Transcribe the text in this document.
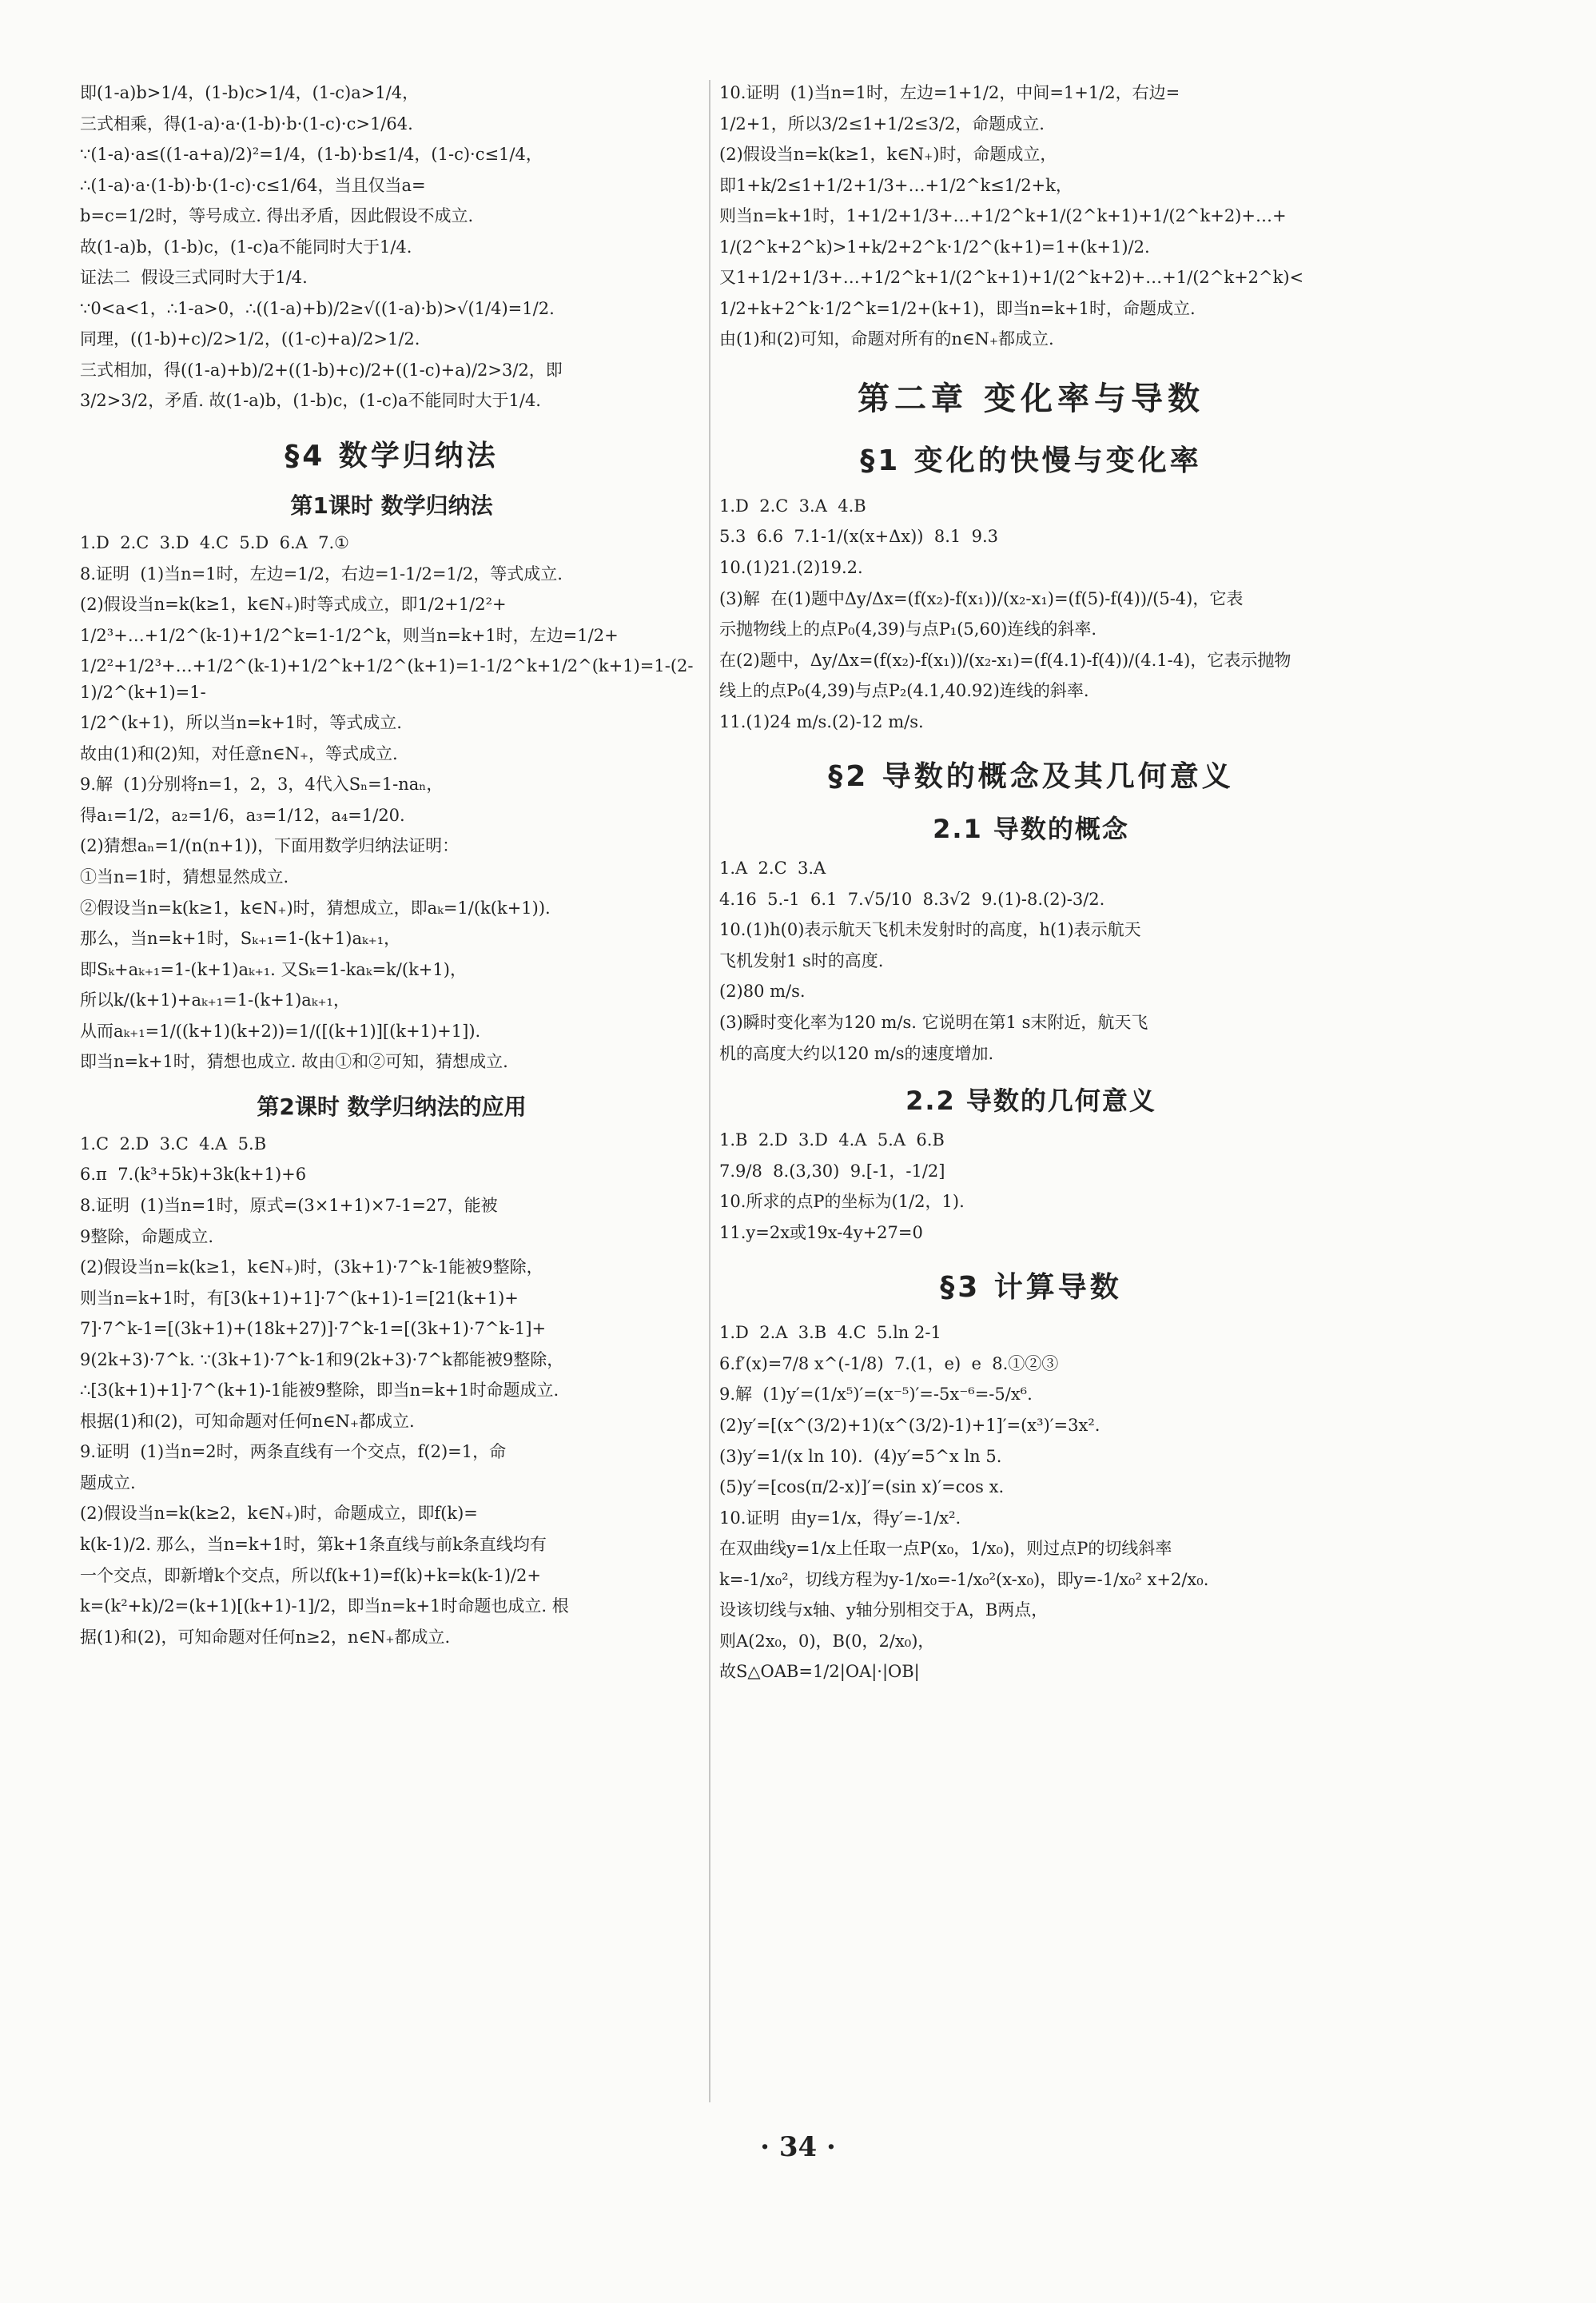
即(1-a)b>1/4，(1-b)c>1/4，(1-c)a>1/4，
三式相乘，得(1-a)·a·(1-b)·b·(1-c)·c>1/64.
∵(1-a)·a≤((1-a+a)/2)²=1/4，(1-b)·b≤1/4，(1-c)·c≤1/4，
∴(1-a)·a·(1-b)·b·(1-c)·c≤1/64，当且仅当a=
b=c=1/2时，等号成立. 得出矛盾，因此假设不成立.
故(1-a)b，(1-b)c，(1-c)a不能同时大于1/4.
证法二  假设三式同时大于1/4.
∵0<a<1，∴1-a>0，∴((1-a)+b)/2≥√((1-a)·b)>√(1/4)=1/2.
同理，((1-b)+c)/2>1/2，((1-c)+a)/2>1/2.
三式相加，得((1-a)+b)/2+((1-b)+c)/2+((1-c)+a)/2>3/2，即
3/2>3/2，矛盾. 故(1-a)b，(1-b)c，(1-c)a不能同时大于1/4.
§4 数学归纳法
第1课时 数学归纳法
1.D  2.C  3.D  4.C  5.D  6.A  7.①
8.证明  (1)当n=1时，左边=1/2，右边=1-1/2=1/2，等式成立.
(2)假设当n=k(k≥1，k∈N₊)时等式成立，即1/2+1/2²+
1/2³+…+1/2^(k-1)+1/2^k=1-1/2^k，则当n=k+1时，左边=1/2+
1/2²+1/2³+…+1/2^(k-1)+1/2^k+1/2^(k+1)=1-1/2^k+1/2^(k+1)=1-(2-1)/2^(k+1)=1-
1/2^(k+1)，所以当n=k+1时，等式成立.
故由(1)和(2)知，对任意n∈N₊，等式成立.
9.解  (1)分别将n=1，2，3，4代入Sₙ=1-naₙ，
得a₁=1/2，a₂=1/6，a₃=1/12，a₄=1/20.
(2)猜想aₙ=1/(n(n+1))，下面用数学归纳法证明：
①当n=1时，猜想显然成立.
②假设当n=k(k≥1，k∈N₊)时，猜想成立，即aₖ=1/(k(k+1)).
那么，当n=k+1时，Sₖ₊₁=1-(k+1)aₖ₊₁，
即Sₖ+aₖ₊₁=1-(k+1)aₖ₊₁. 又Sₖ=1-kaₖ=k/(k+1)，
所以k/(k+1)+aₖ₊₁=1-(k+1)aₖ₊₁，
从而aₖ₊₁=1/((k+1)(k+2))=1/([(k+1)][(k+1)+1]).
即当n=k+1时，猜想也成立. 故由①和②可知，猜想成立.
第2课时 数学归纳法的应用
1.C  2.D  3.C  4.A  5.B
6.π  7.(k³+5k)+3k(k+1)+6
8.证明  (1)当n=1时，原式=(3×1+1)×7-1=27，能被
9整除，命题成立.
(2)假设当n=k(k≥1，k∈N₊)时，(3k+1)·7^k-1能被9整除，
则当n=k+1时，有[3(k+1)+1]·7^(k+1)-1=[21(k+1)+
7]·7^k-1=[(3k+1)+(18k+27)]·7^k-1=[(3k+1)·7^k-1]+
9(2k+3)·7^k. ∵(3k+1)·7^k-1和9(2k+3)·7^k都能被9整除，
∴[3(k+1)+1]·7^(k+1)-1能被9整除，即当n=k+1时命题成立.
根据(1)和(2)，可知命题对任何n∈N₊都成立.
9.证明  (1)当n=2时，两条直线有一个交点，f(2)=1，命
题成立.
(2)假设当n=k(k≥2，k∈N₊)时，命题成立，即f(k)=
k(k-1)/2. 那么，当n=k+1时，第k+1条直线与前k条直线均有
一个交点，即新增k个交点，所以f(k+1)=f(k)+k=k(k-1)/2+
k=(k²+k)/2=(k+1)[(k+1)-1]/2，即当n=k+1时命题也成立. 根
据(1)和(2)，可知命题对任何n≥2，n∈N₊都成立.
10.证明  (1)当n=1时，左边=1+1/2，中间=1+1/2，右边=
1/2+1，所以3/2≤1+1/2≤3/2，命题成立.
(2)假设当n=k(k≥1，k∈N₊)时，命题成立，
即1+k/2≤1+1/2+1/3+…+1/2^k≤1/2+k，
则当n=k+1时，1+1/2+1/3+…+1/2^k+1/(2^k+1)+1/(2^k+2)+…+
1/(2^k+2^k)>1+k/2+2^k·1/2^(k+1)=1+(k+1)/2.
又1+1/2+1/3+…+1/2^k+1/(2^k+1)+1/(2^k+2)+…+1/(2^k+2^k)<
1/2+k+2^k·1/2^k=1/2+(k+1)，即当n=k+1时，命题成立.
由(1)和(2)可知，命题对所有的n∈N₊都成立.
第二章 变化率与导数
§1 变化的快慢与变化率
1.D  2.C  3.A  4.B
5.3  6.6  7.1-1/(x(x+Δx))  8.1  9.3
10.(1)21.(2)19.2.
(3)解  在(1)题中Δy/Δx=(f(x₂)-f(x₁))/(x₂-x₁)=(f(5)-f(4))/(5-4)，它表
示抛物线上的点P₀(4,39)与点P₁(5,60)连线的斜率.
在(2)题中，Δy/Δx=(f(x₂)-f(x₁))/(x₂-x₁)=(f(4.1)-f(4))/(4.1-4)，它表示抛物
线上的点P₀(4,39)与点P₂(4.1,40.92)连线的斜率.
11.(1)24 m/s.(2)-12 m/s.
§2 导数的概念及其几何意义
2.1 导数的概念
1.A  2.C  3.A
4.16  5.-1  6.1  7.√5/10  8.3√2  9.(1)-8.(2)-3/2.
10.(1)h(0)表示航天飞机未发射时的高度，h(1)表示航天
飞机发射1 s时的高度.
(2)80 m/s.
(3)瞬时变化率为120 m/s. 它说明在第1 s末附近，航天飞
机的高度大约以120 m/s的速度增加.
2.2 导数的几何意义
1.B  2.D  3.D  4.A  5.A  6.B
7.9/8  8.(3,30)  9.[-1，-1/2]
10.所求的点P的坐标为(1/2，1).
11.y=2x或19x-4y+27=0
§3 计算导数
1.D  2.A  3.B  4.C  5.ln 2-1
6.f′(x)=7/8 x^(-1/8)  7.(1，e)  e  8.①②③
9.解  (1)y′=(1/x⁵)′=(x⁻⁵)′=-5x⁻⁶=-5/x⁶.
(2)y′=[(x^(3/2)+1)(x^(3/2)-1)+1]′=(x³)′=3x².
(3)y′=1/(x ln 10).  (4)y′=5^x ln 5.
(5)y′=[cos(π/2-x)]′=(sin x)′=cos x.
10.证明  由y=1/x，得y′=-1/x².
在双曲线y=1/x上任取一点P(x₀，1/x₀)，则过点P的切线斜率
k=-1/x₀²，切线方程为y-1/x₀=-1/x₀²(x-x₀)，即y=-1/x₀² x+2/x₀.
设该切线与x轴、y轴分别相交于A，B两点，
则A(2x₀，0)，B(0，2/x₀)，
故S△OAB=1/2|OA|·|OB|
· 34 ·
